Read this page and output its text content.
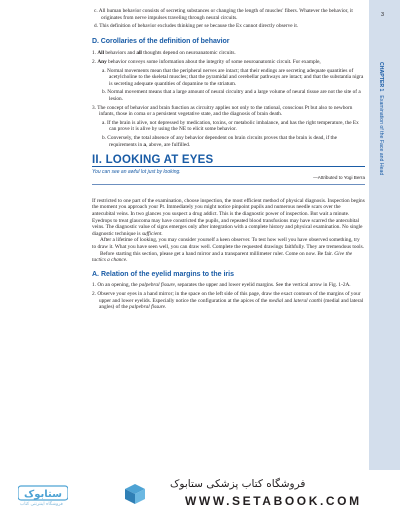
3
CHAPTER 1Examination of the Face and Head

c. All human behavior consists of secreting substances or changing the length of muscles' fibers. Whatever the behavior, it originates from nerve impulses traveling through neural circuits.

d. This definition of behavior excludes thinking per se because the Ex cannot directly observe it.

D. Corollaries of the definition of behavior

1. All behaviors and all thoughts depend on neuroanatomic circuits.

2. Any behavior conveys some information about the integrity of some neuroanatomic circuit. For example,

a. Normal movements mean that the peripheral nerves are intact; that their endings are secreting adequate quantities of acetylcholine to the skeletal muscles; that the pyramidal and cerebellar pathways are intact; and that the substantia nigra is secreting adequate quantities of dopamine to the striatum.

b. Normal movement means that a large amount of neural circuitry and a large volume of neural tissue are not the site of a lesion.

3. The concept of behavior and brain function as circuitry applies not only to the rational, conscious Pt but also to newborn infants, those in coma or a persistent vegetative state, and the diagnosis of brain death.

a. If the brain is alive, not depressed by medication, toxins, or metabolic imbalance, and has the right temperature, the Ex can prove it is alive by using the NE to elicit some behavior.

b. Conversely, the total absence of any behavior dependent on brain circuits proves that the brain is dead, if the requirements in a, above, are fulfilled.

II. LOOKING AT EYES

You can see an awful lot just by looking.

—Attributed to Yogi Berra

If restricted to one part of the examination, choose inspection, the most efficient method of physical diagnosis. Inspection begins the moment you approach your Pt. Immediately you might notice pinpoint pupils and numerous needle scars over the antecubital veins. In two glances you suspect a drug addict. This is the diagnostic power of inspection. But wait a minute. Eyedrops to treat glaucoma may have constricted the pupils, and repeated blood transfusions may have scarred the antecubital veins. The diagnostic value of signs emerges only after integration with a complete history and physical examination. No single diagnostic technique is sufficient.

After a lifetime of looking, you may consider yourself a keen observer. To test how well you have observed something, try to draw it. What you have seen well, you can draw well. Complete the requested drawings faithfully. They are tremendous tools.

Before starting this section, please get a hand mirror and a transparent millimeter ruler. Come on now. Be fair. Give the tactics a chance.

A. Relation of the eyelid margins to the iris

1. On an opening, the palpebral fissure, separates the upper and lower eyelid margins. See the vertical arrow in Fig. 1-2A.

2. Observe your eyes in a hand mirror; in the space on the left side of this page, draw the exact contours of the margins of your upper and lower eyelids. Especially notice the configuration at the apices of the medial and lateral canthi (medial and lateral angles) of the palpebral fissure.

ستابوک
فروشگاه اینترنتی کتاب
فروشگاه کتاب پزشکی ستابوک
WWW.SETABOOK.COM
